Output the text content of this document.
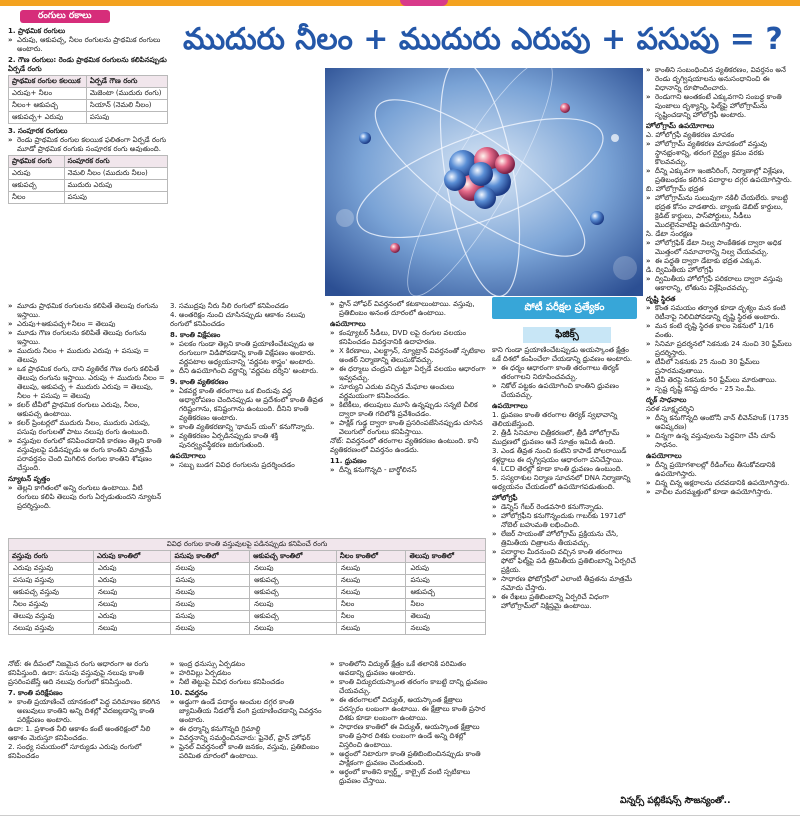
ముదురు నీలం + ముదురు ఎరుపు + పసుపు = ?
రంగులు రకాలు
1. ప్రాథమిక రంగులు
» ఎరుపు, ఆకుపచ్చ, నీలం రంగులను ప్రాథమిక రంగులు అంటారు.
2. గౌణ రంగులు: రెండు ప్రాథమిక రంగులను కలిపినప్పుడు ఏర్పడే రంగు
ప్రాథమిక రంగుల కలయిక	ఏర్పడే గౌణ రంగు
ఎరుపు+ నీలం	మెజెంటా (ముదురు రంగు)
నీలం+ ఆకుపచ్చ	సియాన్ (నెమలి నీలం)
ఆకుపచ్చ+ ఎరుపు	పసుపు
3. సంపూరక రంగులు
» రెండు ప్రాథమిక రంగుల కలయిక ఫలితంగా ఏర్పడే రంగు మూడో ప్రాథమిక రంగుకు సంపూరక రంగు అవుతుంది.
ప్రాథమిక రంగు	సంపూరక రంగు
ఎరుపు	నెమలి నీలం (ముదురు నీలం)
ఆకుపచ్చ	ముదురు ఎరుపు
నీలం	పసుపు
» మూడు ప్రాథమిక రంగులను కలిపితే తెలుపు రంగును ఇస్తాయి.
» ఎరుపు+ఆకుపచ్చ+నీలం = తెలుపు
» మూడు గౌణ రంగులను కలిపితే తెలుపు రంగును ఇస్తాయి.
» ముదురు నీలం + ముదురు ఎరుపు + పసుపు = తెలుపు
» ఒక ప్రాథమిక రంగు, దాని వ్యతిరేక గౌణ రంగు కలిపితే తెలుపు రంగును ఇస్తాయి. ఎరుపు + ముదురు నీలం = తెలుపు, ఆకుపచ్చ + ముదురు ఎరుపు = తెలుపు, నీలం + పసుపు = తెలుపు
» కలర్ టీవీలో ప్రాథమిక రంగులు ఎరుపు, నీలం, ఆకుపచ్చ ఉంటాయి.
» కలర్ ప్రింటర్లలో ముదురు నీలం, ముదురు ఎరుపు, పసుపు రంగులతో పాటు నలుపు రంగు ఉంటుంది.
» వస్తువుల రంగులో కనిపించడానికి కారణం తెల్లని కాంతి వస్తువులపై పడినప్పుడు ఆ రంగు కాంతిని మాత్రమే పరావర్తనం చెంది మిగిలిన రంగుల కాంతిని శోషణం చేస్తుంది.
న్యూటన్ వృత్తం
» తెల్లని కాగితంలో అన్ని రంగులు ఉంటాయి. వీటి రంగులు కలిపి తెలుపు రంగు ఏర్పడుతుందని న్యూటన్ ప్రదర్శిస్తుంది.
3. సముద్రపు నీరు నీలి రంగులో కనిపించడం
4. అంతరిక్షం నుంచి చూసినప్పుడు ఆకాశం నలుపు రంగులో కనిపించడం
8. కాంతి విక్షేపణం
» పలకం గుండా తెల్లని కాంతి ప్రయాణించేటప్పుడు ఆ రంగులుగా విడిపోవడాన్ని కాంతి విక్షేపణం అంటారు. వర్ణపటాల అధ్యయనాన్ని 'వర్ణపట శాస్త్రం' అంటారు.
» దీని ఉపయోగించి వర్ణాన్ని 'వర్ణపట దర్శిని' అంటారు.
9. కాంతి వ్యతికరణం
» ఏకవర్ణ కాంతి తరంగాలు ఒక బిందువు వద్ద అధ్యారోపణం చెందినప్పుడు ఆ ప్రదేశంలో కాంతి తీవ్రత గరిష్టంగాను, కనిష్టంగాను ఉంటుంది. దీనిని కాంతి వ్యతికరణం అంటారు.
» కాంతి వ్యతికరణాన్ని 'థామస్ యంగ్' కనుగొన్నారు.
» వ్యతికరణం ఏర్పడినప్పుడు కాంతి శక్తి పునర్వ్యవస్థీకరణ జరుగుతుంది.
ఉపయోగాలు
» సబ్బు బుడగ వివిధ రంగులను ప్రదర్శించడం
» ఫ్రాన్ హోఫర్ వివర్తనంలో కటకాలుంటాయి. వస్తువు, ప్రతిబింబం అనంత దూరంలో ఉంటాయి.
ఉపయోగాలు
» కంప్యూటర్ సీడీలు, DVD లపై రంగుల వలయం కనిపించడం వివర్తనానికి ఉదాహరణ.
» X కిరణాలు, ఎలక్ట్రాన్, న్యూట్రాన్ వివర్తనంతో స్ఫటికాల అంతర్ నిర్మాణాన్ని తెలుసుకోవచ్చు.
» ఈ ధర్మాలు చంద్రుని చుట్టూ ఏర్పడే వలయం ఆధారంగా ఇవ్వవచ్చు.
» సూర్యుని ఎదుట వచ్చిన మేఘాల అంచులు వర్ణమయంగా కనిపించడం.
» కిటికీలు, తలుపులు మూసి ఉన్నప్పుడు సన్నటి చీలిక ద్వారా కాంతి గదిలోకి ప్రవేశించడం.
» పాక్షిక్ గుడ్డ ద్వారా కాంతి ప్రసరింపజేసినప్పుడు చూసిన వెలుగులో రంగులు కనిపిస్తాయి.
నోట్: వివర్తనంలో తరంగాల వ్యతికరణం ఉంటుంది. కానీ వ్యతికరణంలో వివర్తనం ఉండదు.
11. ధ్రువణం
» దీన్ని కనుగొన్నది - బార్థోలినస్
పోటీ పరీక్షల ప్రత్యేకం
ఫిజిక్స్
కాని గుండా ప్రయాణించేటప్పుడు అయస్కాంత క్షేత్రం ఒకే దిశలో కంపించేలా చేయడాన్ని ధ్రువణం అంటారు.
» ఈ ధర్మం ఆధారంగా కాంతి తరంగాలు తిర్యక్ తరంగాలని నిరూపించవచ్చు.
» నికోల్ పట్టకం ఉపయోగించి కాంతిని ధ్రువణం చేయవచ్చు.
ఉపయోగాలు
1. ధ్రువణం కాంతి తరంగాల తిర్యక్ స్వభావాన్ని తెలియజేస్తుంది.
2. త్రీడీ సినిమాల చిత్రీకరణలో, త్రీడీ హోలోగ్రామ్ ముద్రణలో ధ్రువణం అనే సూత్రం ఇమిడి ఉంది.
3. ఎండ తీవ్రత నుంచి కంటిని కాపాడే పోలరాయిడ్ కళ్లద్దాలు ఈ దృగ్విషయం ఆధారంగా పనిచేస్తాయి.
4. LCD తెరల్లో కూడా కాంతి ధ్రువణం ఉంటుంది.
5. సస్యరాశుల నిర్మాణ సూచనలో DNA నిర్మాణాన్ని అధ్యయనం చేయడంలో ఉపయోగపడుతుంది.
హోలోగ్రఫీ
» డెన్నిస్ గేబర్ రెండవసారి కనుగొన్నాడు.
» హోలోగ్రఫీని కనుగొన్నందుకు గాబర్‌కు 1971లో నోబెల్ బహుమతి లభించింది.
» లేజర్ సాయంతో హోలోగ్రామ్ ప్రక్రియను చేసి, త్రిమితీయ చిత్రాలను తీయవచ్చు.
» పదార్థాల మీదనుంచి వచ్చిన కాంతి తరంగాలు ఫోటో ఫిల్మ్‌పై పడి త్రిమితీయ ప్రతిబింబాన్ని ఏర్పరిచే ప్రక్రియ.
» సాధారణ ఫోటోగ్రఫీలో ఎలాంటి తీవ్రతను మాత్రమే నమోదు చేస్తారు.
» ఈ రేఖలు ప్రతిబింబాన్ని ఏర్పరిచే విధంగా హోలోగ్రామ్‌లో నిక్షిప్తమై ఉంటాయి.
» కాంతిని సంబంధించిన వ్యతికరణం, వివర్తనం అనే రెండు దృగ్విషయాలను అనుసంధానించి ఈ విధానాన్ని రూపొందించారు.
» రెండుగాని అంతకంటే ఎక్కువగాని సంబద్ధ కాంతి పుంజాలు దృశ్యాన్ని, ఫిల్మ్‌పై హోలోగ్రామ్‌ను సృష్టించడాన్ని హోలోగ్రఫీ అంటారు.
హోలోగ్రామ్ ఉపయోగాలు
ఎ. హోలోగ్రఫీ వ్యతికరణ మాపకం
» హోలోగ్రామ్ వ్యతికరణ మాపకంలో వస్తువు స్థానభ్రంశాన్ని, తరంగ దైర్ఘ్యం క్రమం వరకు కొలవవచ్చు.
» దీన్ని ఎక్కువగా ఇంజినీరింగ్, నిర్మాణాల్లో విశ్లేషణ, ప్రతిబంధకం కలిగిన పదార్థాల దగ్గర ఉపయోగిస్తారు.
బి. హోలోగ్రామ్ భద్రత
» హోలోగ్రామ్‌ను సులువుగా నకిలీ చేయలేరు. కాబట్టి భద్రత కోసం వాడతారు. బ్యాంకు డెబిట్ కార్డులు, క్రెడిట్ కార్డులు, పాస్‌పోర్టులు, సీడీలు మొదలైనవాటిపై ఉపయోగిస్తారు.
సి. డేటా సంరక్షణ
» హోలోగ్రఫిక్ డేటా నిల్వ సాంకేతికత ద్వారా అధిక మొత్తంలో సమాచారాన్ని నిల్వ చేయవచ్చు.
» ఈ పద్ధతి ద్వారా డేటాకు భద్రత ఎక్కువ.
డి. ద్విమితీయ హోలోగ్రఫీ
» ద్విమితీయ హోలోగ్రఫీ పరికరాలు ద్వారా వస్తువు ఆకారాన్ని, లోతును విశ్లేషించవచ్చు.
దృష్టి స్థిరత
» కొంత సమయం తర్వాత కూడా దృశ్యం మన కంటి రెటీనాపై నిలిచిపోవడాన్ని దృష్టి స్థిరత అంటారు.
» మన కంటి దృష్టి స్థిరత కాలం సెకనులో 1/16 వంతు.
» సినిమా ప్రదర్శనలో సెకనుకు 24 నుంచి 30 ఫ్రేమ్‌లు ప్రదర్శిస్తారు.
» టీవీలో సెకనుకు 25 నుంచి 30 ఫ్రేమ్‌లు ప్రసారమవుతాయి.
» టీవీ తెరపై సెకనుకు 50 ఫ్రేమ్‌లు మారుతాయి.
» స్పష్ట దృష్టి కనిష్ట దూరం - 25 సెం.మీ.
దృక్ సాధనాలు
సరళ సూక్ష్మదర్శిని
» దీన్ని కనుగొన్నది ఆంటోనీ వాన్ లీవెన్‌హుక్ (1735 ఆవిష్కరణ)
» చిన్నగా ఉన్న వస్తువులను పెద్దవిగా చేసి చూపే సాధనం.
ఉపయోగాలు
» దీన్ని ప్రయోగశాలల్లో రీడింగ్‌లు తీసుకోవడానికి ఉపయోగిస్తారు.
» చిన్న చిన్న అక్షరాలను చదవడానికి ఉపయోగిస్తారు.
» వాచీల మరమ్మత్తులో కూడా ఉపయోగిస్తారు.
వివిధ రంగుల కాంతి వస్తువులపై పడినప్పుడు కనిపించే రంగు					
వస్తువు రంగు	ఎరుపు కాంతిలో	పసుపు కాంతిలో	ఆకుపచ్చ కాంతిలో	నీలం కాంతిలో	తెలుపు కాంతిలో
ఎరుపు వస్తువు	ఎరుపు	నలుపు	నలుపు	నలుపు	ఎరుపు
పసుపు వస్తువు	ఎరుపు	పసుపు	ఆకుపచ్చ	నలుపు	పసుపు
ఆకుపచ్చ వస్తువు	నలుపు	నలుపు	ఆకుపచ్చ	నలుపు	ఆకుపచ్చ
నీలం వస్తువు	నలుపు	నలుపు	నలుపు	నీలం	నీలం
తెలుపు వస్తువు	ఎరుపు	పసుపు	ఆకుపచ్చ	నీలం	తెలుపు
నలుపు వస్తువు	నలుపు	నలుపు	నలుపు	నలుపు	నలుపు
నోట్: ఈ దీపంలో నిజమైన రంగు ఆధారంగా ఆ రంగు కనిపిస్తుంది. ఉదా: పసుపు వస్తువుపై నలుపు కాంతి ప్రసరింపజేస్తే అది నలుపు రంగులో కనిపిస్తుంది.
7. కాంతి పరిక్షేపణం
» కాంతి ప్రయాణించే యానకంలో పెద్ద పరిమాణం కలిగిన అణువులు కాంతిని అన్ని దిశల్లో వెదజల్లడాన్ని కాంతి పరిక్షేపణం అంటారు.
ఉదా: 1. ప్రశాంత నీలి ఆకాశం కంటే అంతరిక్షంలో నీలి ఆకాశం మెరుస్తూ కనిపించడం.
2. సంధ్య సమయంలో సూర్యుడు ఎరుపు రంగులో కనిపించడం
» ఇంద్ర ధనుస్సు ఏర్పడటం
» హరివిల్లు ఏర్పడటం
» నీటి తెట్టుపై వివిధ రంగులు కనిపించడం
10. వివర్తనం
» అడ్డుగా ఉండే పదార్థం అంచుల దగ్గర కాంతి జ్యామితీయ నీడలోకి వంగి ప్రయాణించడాన్ని వివర్తనం అంటారు.
» ఈ ధర్మాన్ని కనుగొన్నది గ్రిమాల్డి
» వివర్తనాన్ని సమర్థించినవారు: ఫ్రెనెల్, ఫ్రాన్ హోఫర్
» ఫ్రెనల్ వివర్తనంలో కాంతి జనకం, వస్తువు, ప్రతిబింబం పరిమిత దూరంలో ఉంటాయి.
» కాంతిలోని విద్యుత్ క్షేత్రం ఒకే తలానికి పరిమితం అవడాన్ని ధ్రువణం అంటారు.
» కాంతి విద్యుదయస్కాంత తరంగం కాబట్టి దాన్ని ధ్రువణం చేయవచ్చు.
» ఈ తరంగాలలో విద్యుత్, అయస్కాంత క్షేత్రాలు పరస్పరం లంబంగా ఉంటాయి. ఈ క్షేత్రాలు కాంతి ప్రసార దిశకు కూడా లంబంగా ఉంటాయి.
» సాధారణ కాంతిలో ఈ విద్యుత్, అయస్కాంత క్షేత్రాలు కాంతి ప్రసార దిశకు లంబంగా ఉండే అన్ని దిశల్లో విస్తరించి ఉంటాయి.
» అద్దంలో నిటారుగా కాంతి ప్రతిబింబించినప్పుడు కాంతి పాక్షికంగా ధ్రువణం చెందుతుంది.
» అర్ధంలో కాంతిని క్వార్ట్జ్, కాల్సైట్ వంటి స్పటికాలు ధ్రువణం చేస్తాయి.
విన్నర్స్ పబ్లికేషన్స్ సౌజన్యంతో..
